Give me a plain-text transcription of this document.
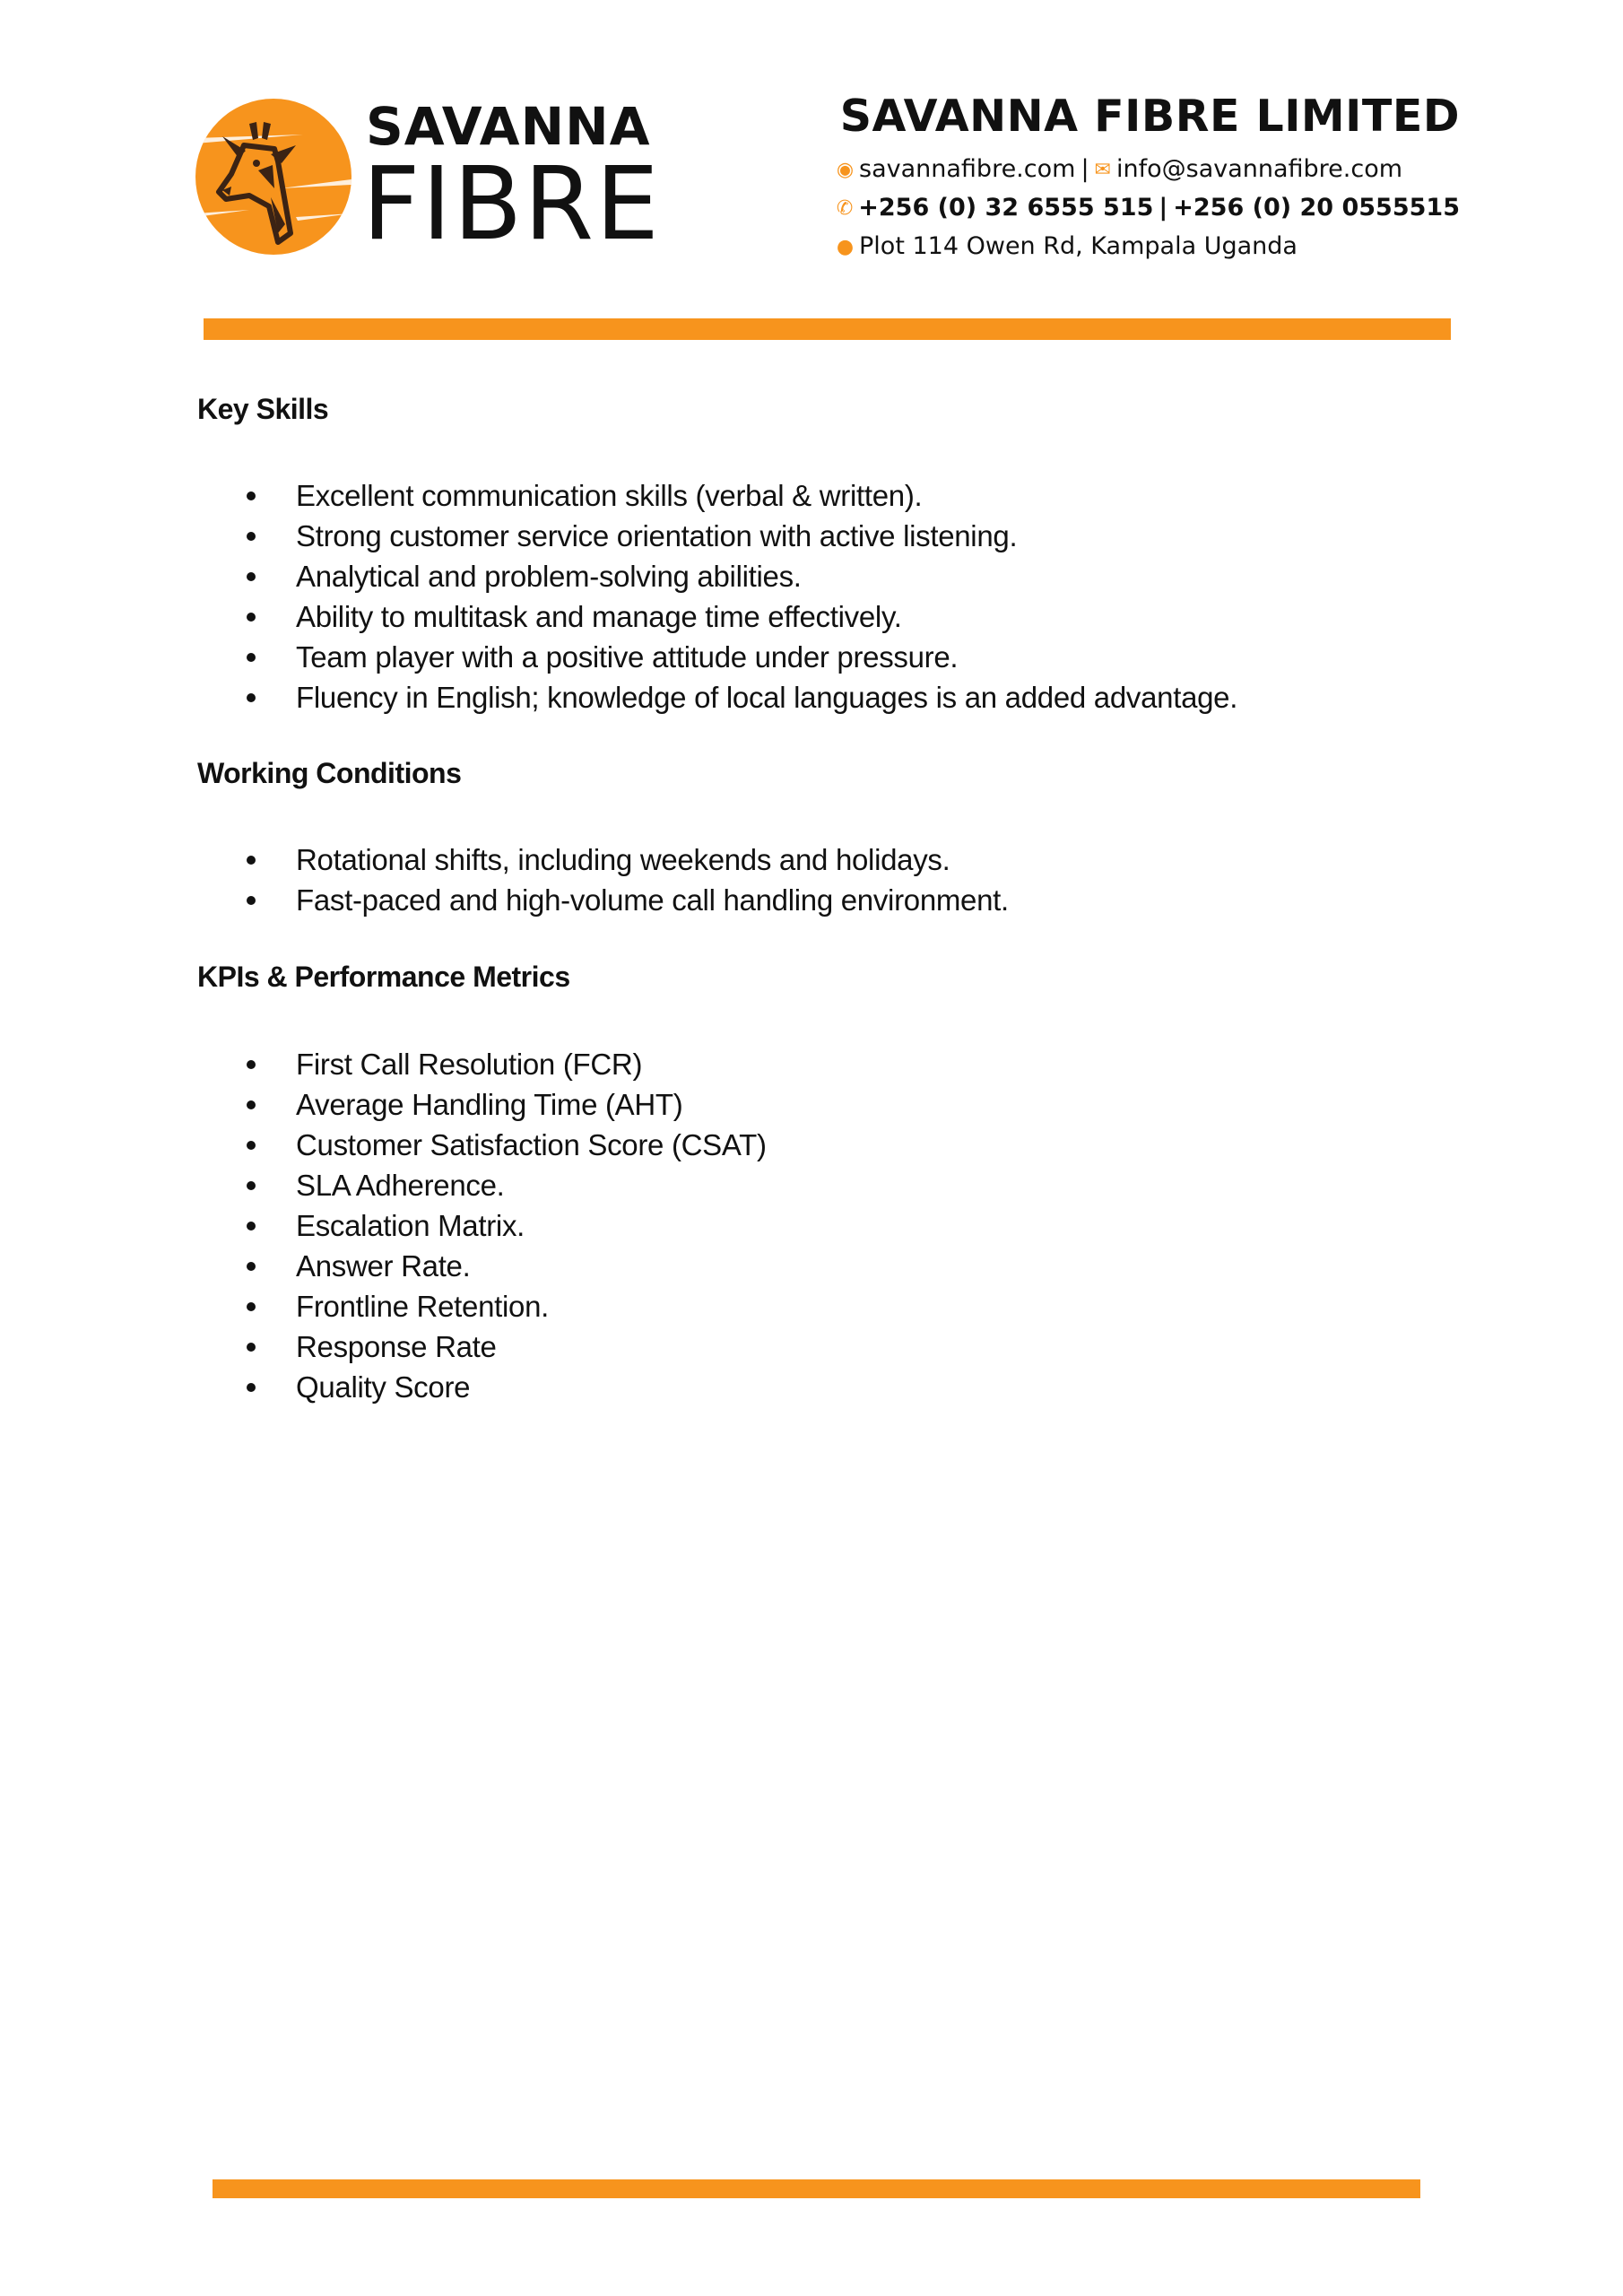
SAVANNA
FIBRE
SAVANNA FIBRE LIMITED
◉ savannafibre.com | ✉ info@savannafibre.com
✆ +256 (0) 32 6555 515 | +256 (0) 20 0555515
● Plot 114 Owen Rd, Kampala Uganda
Key Skills
Excellent communication skills (verbal & written).
Strong customer service orientation with active listening.
Analytical and problem-solving abilities.
Ability to multitask and manage time effectively.
Team player with a positive attitude under pressure.
Fluency in English; knowledge of local languages is an added advantage.
Working Conditions
Rotational shifts, including weekends and holidays.
Fast-paced and high-volume call handling environment.
KPIs & Performance Metrics
First Call Resolution (FCR)
Average Handling Time (AHT)
Customer Satisfaction Score (CSAT)
SLA Adherence.
Escalation Matrix.
Answer Rate.
Frontline Retention.
Response Rate
Quality Score
